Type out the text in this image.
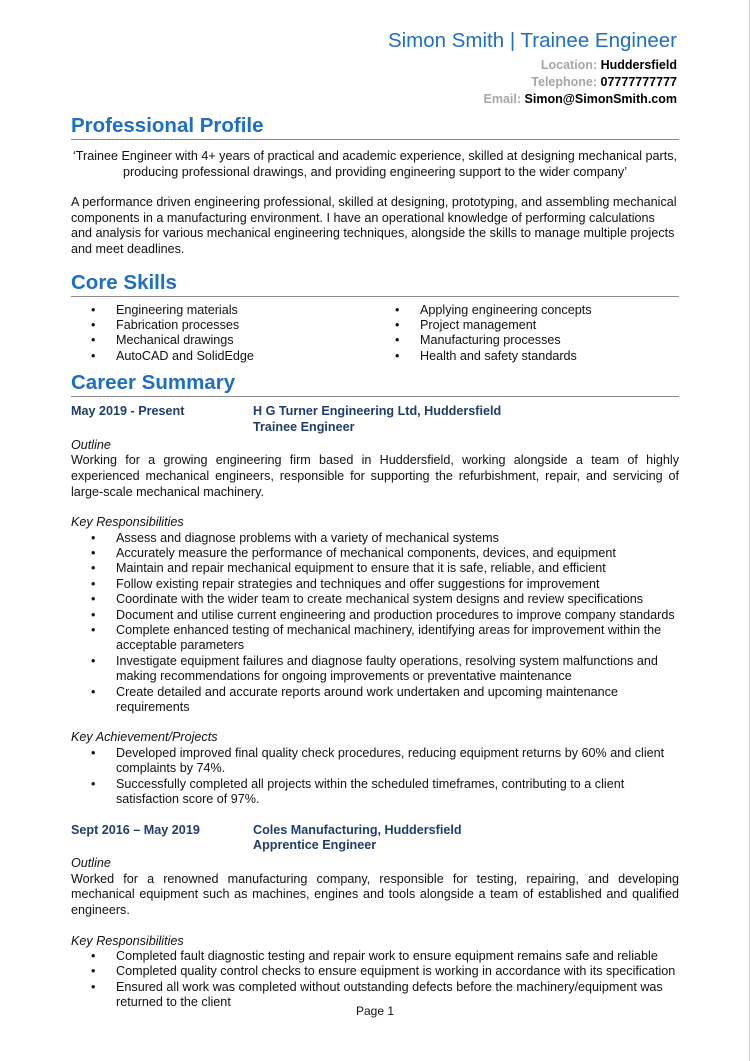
Simon Smith | Trainee Engineer
Location: Huddersfield
Telephone: 07777777777
Email: Simon@SimonSmith.com
Professional Profile

‘Trainee Engineer with 4+ years of practical and academic experience, skilled at designing mechanical parts, producing professional drawings, and providing engineering support to the wider company’

A performance driven engineering professional, skilled at designing, prototyping, and assembling mechanical components in a manufacturing environment. I have an operational knowledge of performing calculations and analysis for various mechanical engineering techniques, alongside the skills to manage multiple projects and meet deadlines.

Core Skills
• Engineering materials
• Fabrication processes
• Mechanical drawings
• AutoCAD and SolidEdge
• Applying engineering concepts
• Project management
• Manufacturing processes
• Health and safety standards
Career Summary
May 2019 - Present	H G Turner Engineering Ltd, Huddersfield
Trainee Engineer

Outline

Working for a growing engineering firm based in Huddersfield, working alongside a team of highly experienced mechanical engineers, responsible for supporting the refurbishment, repair, and servicing of large-scale mechanical machinery.

Key Responsibilities

• Assess and diagnose problems with a variety of mechanical systems
• Accurately measure the performance of mechanical components, devices, and equipment
• Maintain and repair mechanical equipment to ensure that it is safe, reliable, and efficient
• Follow existing repair strategies and techniques and offer suggestions for improvement
• Coordinate with the wider team to create mechanical system designs and review specifications
• Document and utilise current engineering and production procedures to improve company standards
• Complete enhanced testing of mechanical machinery, identifying areas for improvement within the acceptable parameters
• Investigate equipment failures and diagnose faulty operations, resolving system malfunctions and making recommendations for ongoing improvements or preventative maintenance
• Create detailed and accurate reports around work undertaken and upcoming maintenance requirements

Key Achievement/Projects

• Developed improved final quality check procedures, reducing equipment returns by 60% and client complaints by 74%.
• Successfully completed all projects within the scheduled timeframes, contributing to a client satisfaction score of 97%.
Sept 2016 – May 2019	Coles Manufacturing, Huddersfield
Apprentice Engineer

Outline

Worked for a renowned manufacturing company, responsible for testing, repairing, and developing mechanical equipment such as machines, engines and tools alongside a team of established and qualified engineers.

Key Responsibilities

• Completed fault diagnostic testing and repair work to ensure equipment remains safe and reliable
• Completed quality control checks to ensure equipment is working in accordance with its specification
• Ensured all work was completed without outstanding defects before the machinery/equipment was returned to the client
Page 1
